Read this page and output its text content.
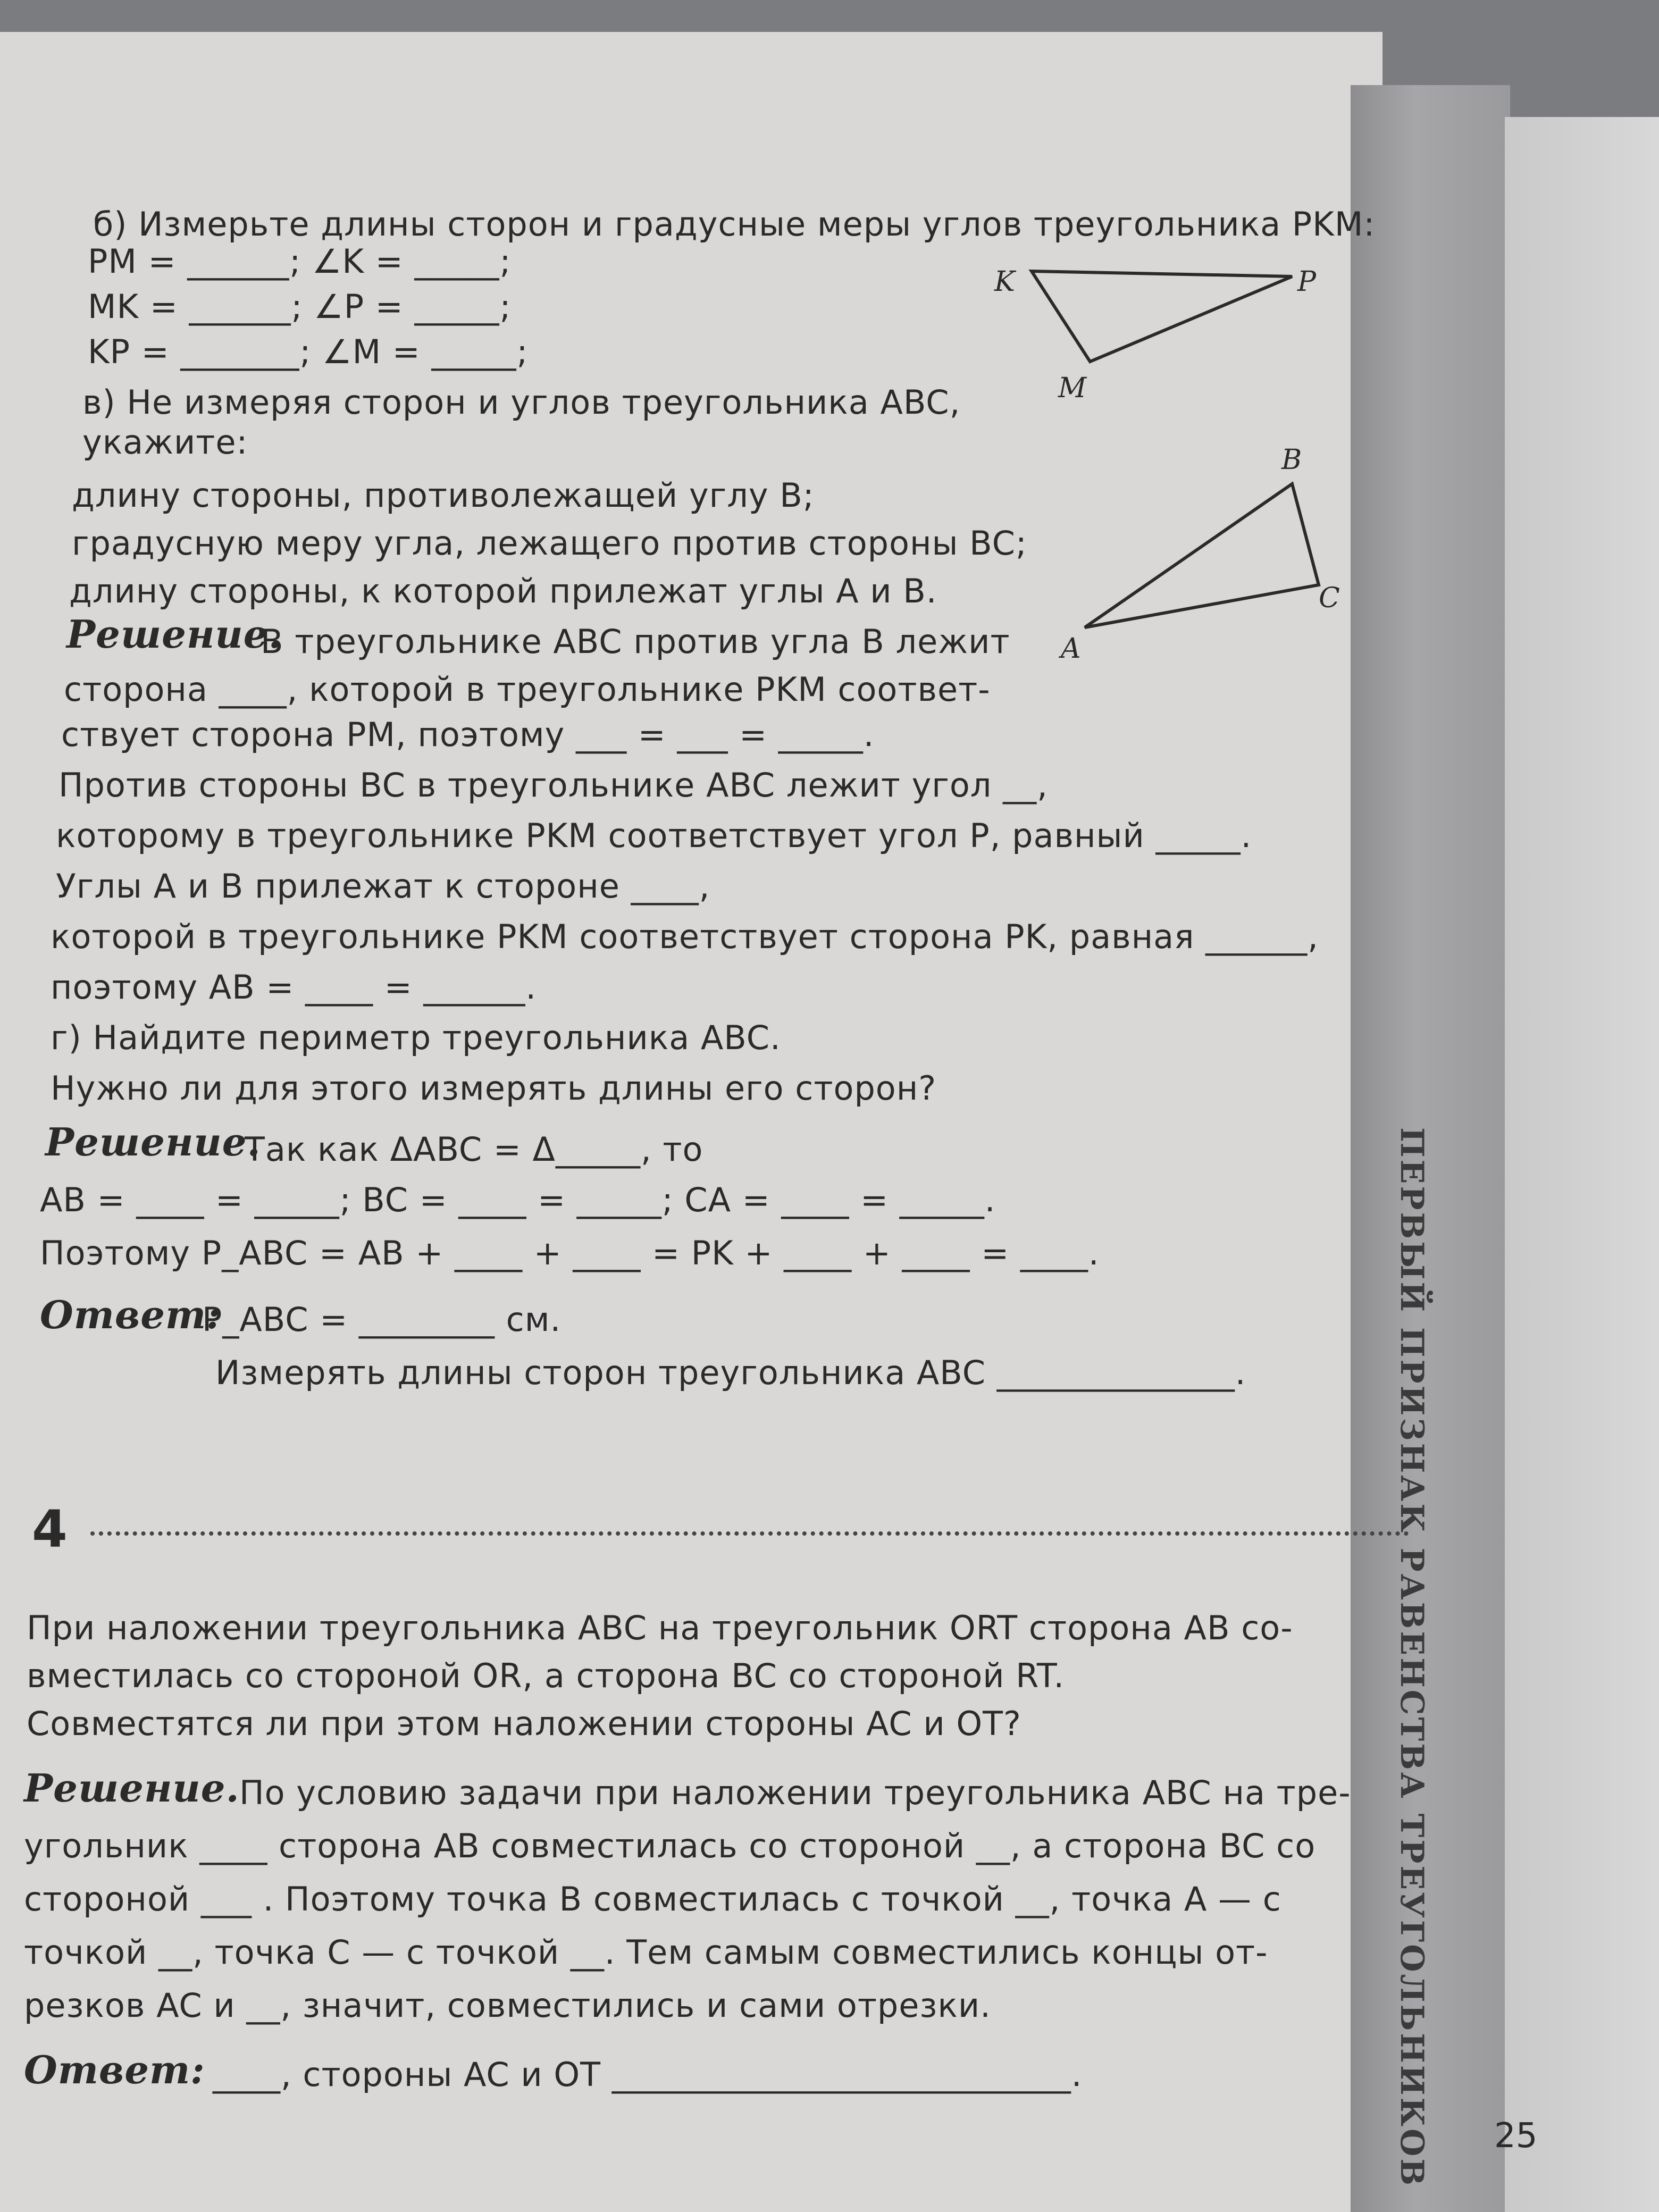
ПЕРВЫЙ ПРИЗНАК РАВЕНСТВА ТРЕУГОЛЬНИКОВ
б) Измерьте длины сторон и градусные меры углов треугольника PKM:
PM = ______; ∠K = _____;
MK = ______; ∠P = _____;
KP = _______; ∠M = _____;
K	P
M
в) Не измеряя сторон и углов треугольника ABC,
укажите:
длину стороны, противолежащей углу B;
градусную меру угла, лежащего против стороны BC;
длину стороны, к которой прилежат углы A и B.
B
C
A
Решение.
В треугольнике ABC против угла B лежит
сторона ____, которой в треугольнике PKM соответ-
ствует сторона PM, поэтому ___ = ___ = _____.
Против стороны BC в треугольнике ABC лежит угол __,
которому в треугольнике PKM соответствует угол P, равный _____.
Углы A и B прилежат к стороне ____,
которой в треугольнике PKM соответствует сторона PK, равная ______,
поэтому AB = ____ = ______.
г) Найдите периметр треугольника ABC.
Нужно ли для этого измерять длины его сторон?
Решение.
Так как ΔABC = Δ_____, то
AB = ____ = _____; BC = ____ = _____; CA = ____ = _____.
Поэтому P_ABC = AB + ____ + ____ = PK + ____ + ____ = ____.
Ответ:
P_ABC = ________ см.
Измерять длины сторон треугольника ABC ______________.
4
При наложении треугольника ABC на треугольник ORT сторона AB со-
вместилась со стороной OR, а сторона BC со стороной RT.
Совместятся ли при этом наложении стороны AC и OT?
Решение. По условию задачи при наложении треугольника ABC на тре-
угольник ____ сторона AB совместилась со стороной __, а сторона BC со
стороной ___ . Поэтому точка B совместилась с точкой __, точка A — с
точкой __, точка C — с точкой __. Тем самым совместились концы от-
резков AC и __, значит, совместились и сами отрезки.
Ответ: ____, стороны AC и OT ___________________________.
25
